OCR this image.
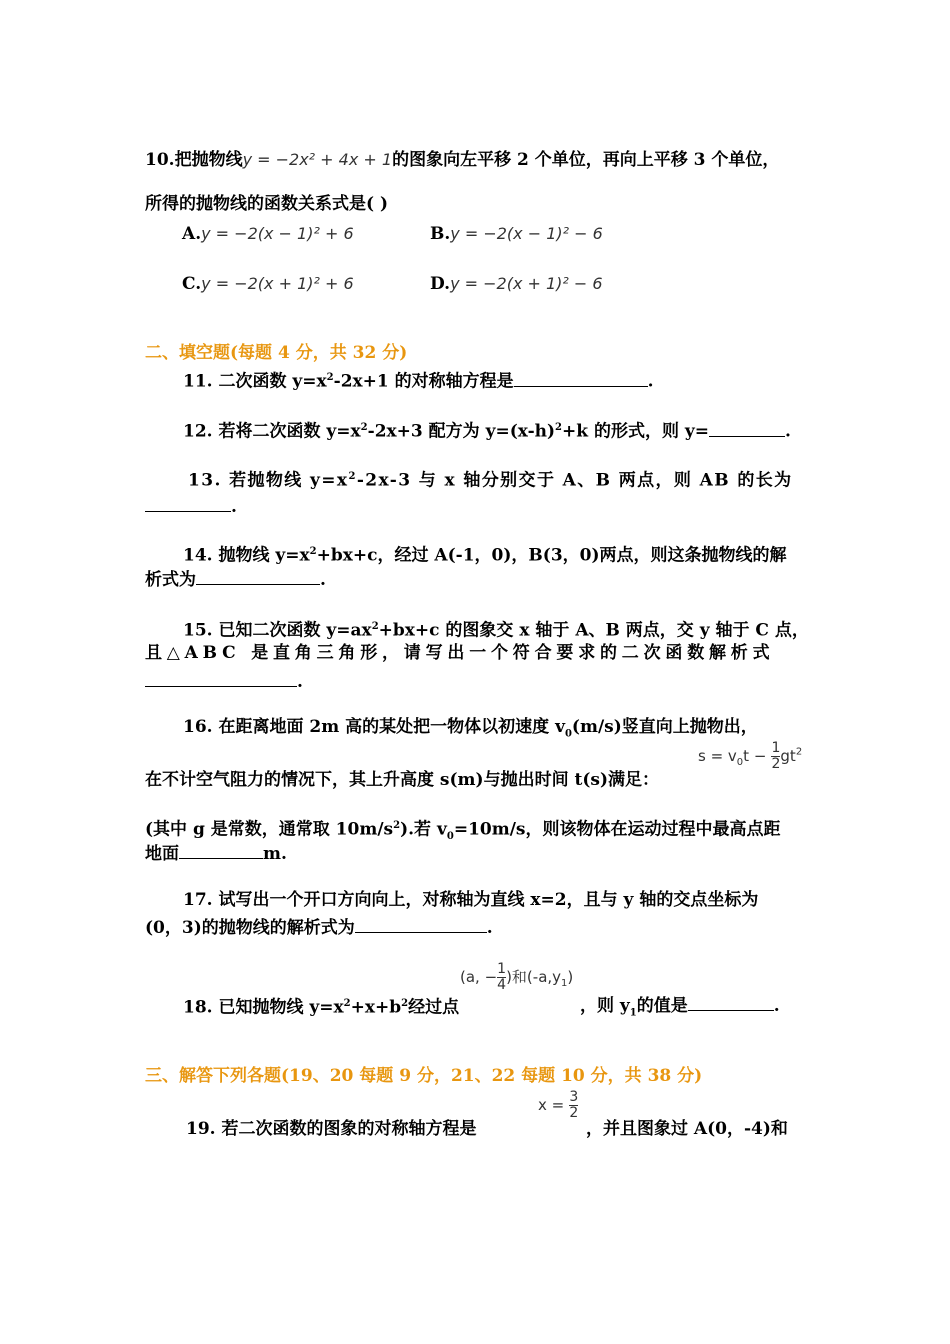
10.把抛物线y = −2x² + 4x + 1的图象向左平移 2 个单位，再向上平移 3 个单位，
所得的抛物线的函数关系式是( )
A.y = −2(x − 1)² + 6	B.y = −2(x − 1)² − 6
C.y = −2(x + 1)² + 6	D.y = −2(x + 1)² − 6
二、填空题(每题 4 分，共 32 分)
11. 二次函数 $y=x^2-2x+1$ 的对称轴方程是	.
12. 若将二次函数 $y=x^2-2x+3$ 配方为 $y=(x-h)^2+k$ 的形式，则 y=	.
13. 若抛物线 $y=x^2-2x-3$ 与 x 轴分别交于 A、B 两点，则 AB 的长为
.
14. 抛物线 $y=x^2+bx+c$，经过 A(-1，0)，B(3，0)两点，则这条抛物线的解
析式为	.
15. 已知二次函数 $y=ax^2+bx+c$ 的图象交 x 轴于 A、B 两点，交 y 轴于 C 点，
且△ABC 是直角三角形，请写出一个符合要求的二次函数解析式
.
16. 在距离地面 2m 高的某处把一物体以初速度 $v_0(m/s)$竖直向上抛物出，
在不计空气阻力的情况下，其上升高度 s(m)与抛出时间 t(s)满足：
$s = v_0t - \frac{1}{2} gt^2$
(其中 g 是常数，通常取 $10m/s^2$).若 $v_0=10m/s$，则该物体在运动过程中最高点距
地面	m.
17. 试写出一个开口方向向上，对称轴为直线 x=2，且与 y 轴的交点坐标为
(0，3)的抛物线的解析式为	.
18. 已知抛物线 $y=x^2+x+b^2$经过点
(a, − $\frac{1}{4}$ )和$(-a,y_1)$
，则 $y_1$的值是	.
三、解答下列各题(19、20 每题 9 分，21、22 每题 10 分，共 38 分)
19. 若二次函数的图象的对称轴方程是
$x = \frac{3}{2}$
，并且图象过 A(0，-4)和
